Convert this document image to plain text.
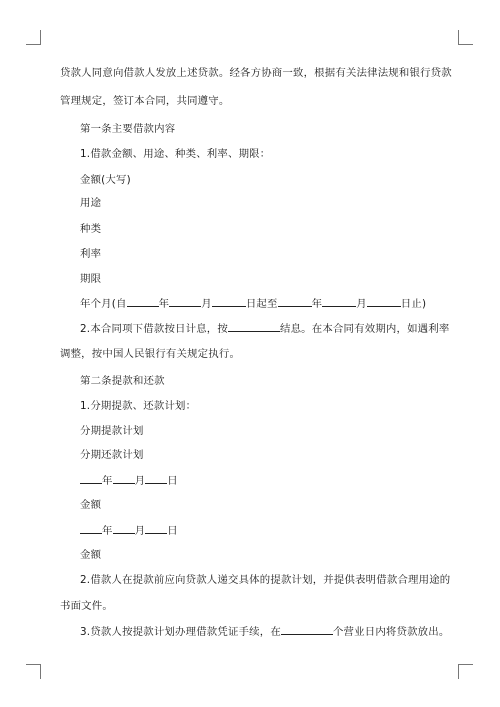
贷款人同意向借款人发放上述贷款。经各方协商一致，根据有关法律法规和银行贷款

管理规定，签订本合同，共同遵守。

第一条主要借款内容

1.借款金额、用途、种类、利率、期限：

金额(大写)

用途

种类

利率

期限

年个月(自	年	月	日起至	年	月	日止)

2.本合同项下借款按日计息，按	结息。在本合同有效期内，如遇利率

调整，按中国人民银行有关规定执行。

第二条提款和还款

1.分期提款、还款计划：

分期提款计划

分期还款计划

年 月 日

金额

年 月 日

金额

2.借款人在提款前应向贷款人递交具体的提款计划，并提供表明借款合理用途的

书面文件。

3.贷款人按提款计划办理借款凭证手续，在	个营业日内将贷款放出。
